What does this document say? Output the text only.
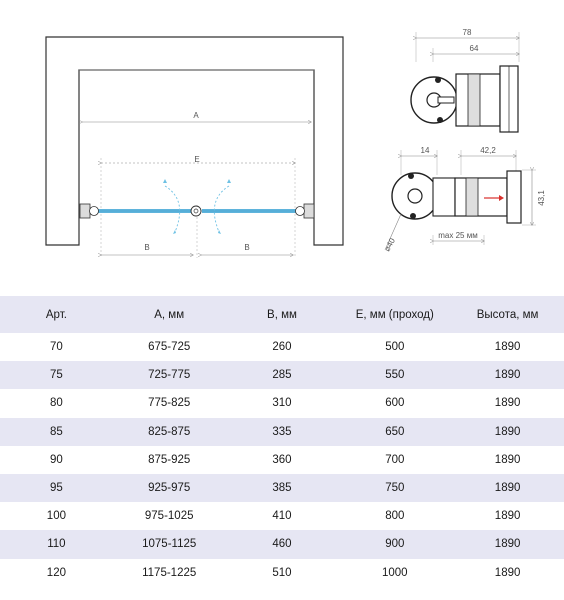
A
E
B	B
78
64
14	42,2
43,1
⌀40
max 25 мм
Арт.	А, мм	B, мм	E, мм (проход)	Высота, мм
70	675-725	260	500	1890
75	725-775	285	550	1890
80	775-825	310	600	1890
85	825-875	335	650	1890
90	875-925	360	700	1890
95	925-975	385	750	1890
100	975-1025	410	800	1890
110	1075-1125	460	900	1890
120	1175-1225	510	1000	1890
